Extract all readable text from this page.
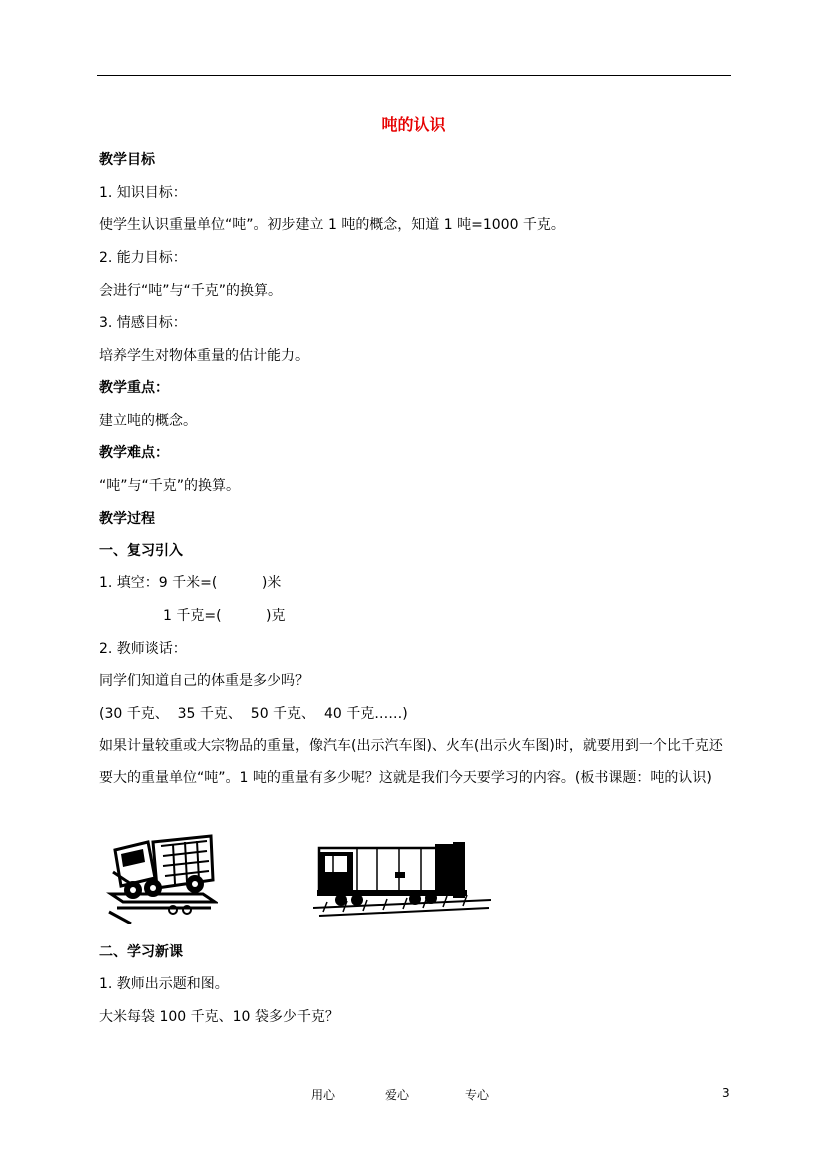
吨的认识
教学目标
1. 知识目标：
使学生认识重量单位“吨”。初步建立 1 吨的概念，知道 1 吨=1000 千克。
2. 能力目标：
会进行“吨”与“千克”的换算。
3. 情感目标：
培养学生对物体重量的估计能力。
教学重点：
建立吨的概念。
教学难点：
“吨”与“千克”的换算。
教学过程
一、复习引入
1. 填空：9 千米=(          )米
1 千克=(          )克
2. 教师谈话：
同学们知道自己的体重是多少吗？
(30 千克、  35 千克、  50 千克、  40 千克……)
如果计量较重或大宗物品的重量，像汽车(出示汽车图)、火车(出示火车图)时，就要用到一个比千克还要大的重量单位“吨”。1 吨的重量有多少呢？这就是我们今天要学习的内容。(板书课题：吨的认识)
二、学习新课
1. 教师出示题和图。
大米每袋 100 千克、10 袋多少千克？
用心	爱心	专心	3
